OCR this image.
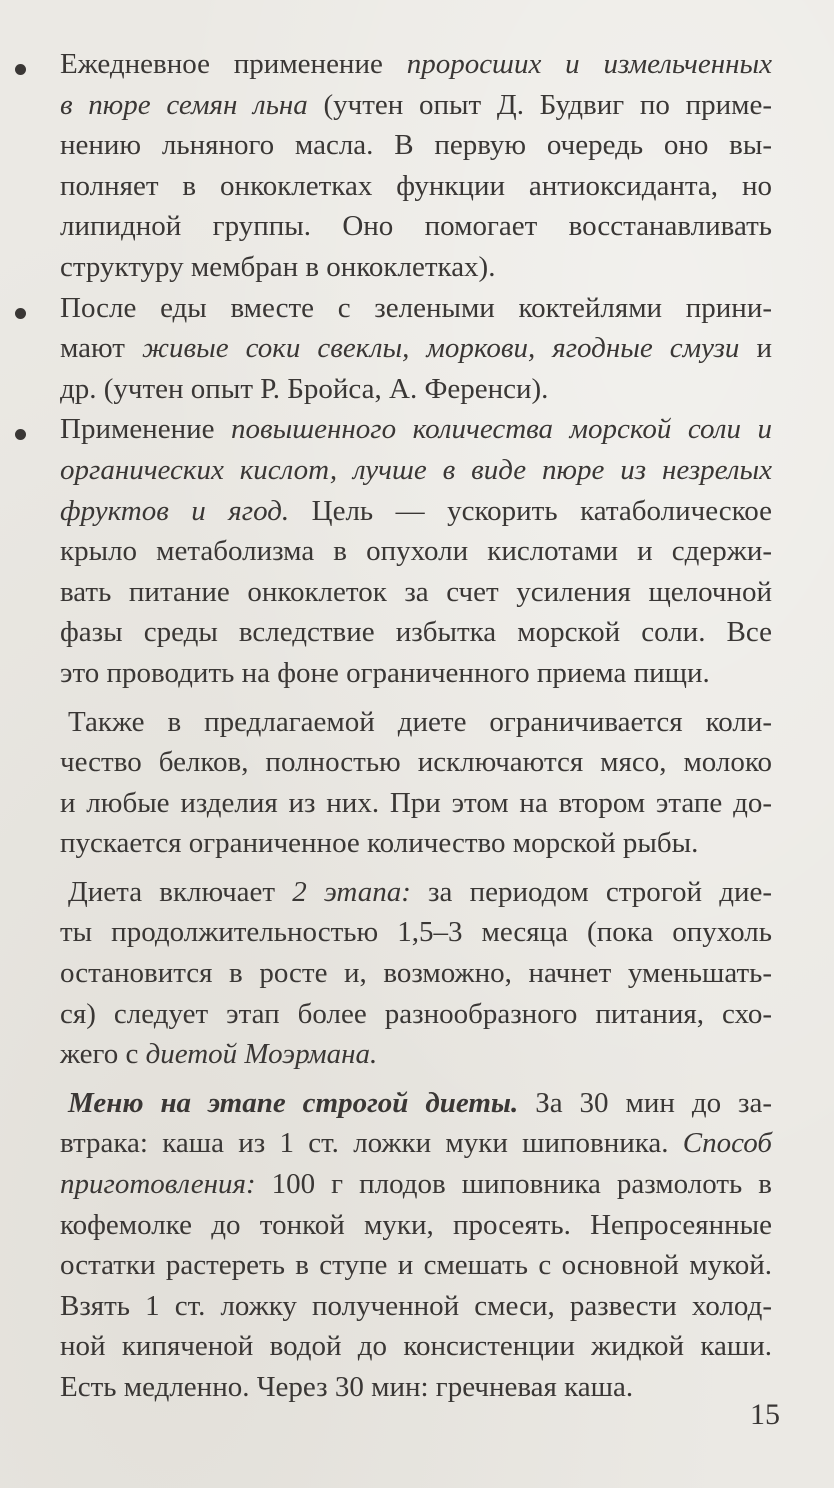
Ежедневное применение проросших и измельченных
в пюре семян льна (учтен опыт Д. Будвиг по приме-
нению льняного масла. В первую очередь оно вы-
полняет в онкоклетках функции антиоксиданта, но
липидной группы. Оно помогает восстанавливать
структуру мембран в онкоклетках).
После еды вместе с зелеными коктейлями прини-
мают живые соки свеклы, моркови, ягодные смузи и
др. (учтен опыт Р. Бройса, А. Ференси).
Применение повышенного количества морской соли и
органических кислот, лучше в виде пюре из незрелых
фруктов и ягод. Цель — ускорить катаболическое
крыло метаболизма в опухоли кислотами и сдержи-
вать питание онкоклеток за счет усиления щелочной
фазы среды вследствие избытка морской соли. Все
это проводить на фоне ограниченного приема пищи.
Также в предлагаемой диете ограничивается коли-
чество белков, полностью исключаются мясо, молоко
и любые изделия из них. При этом на втором этапе до-
пускается ограниченное количество морской рыбы.
Диета включает 2 этапа: за периодом строгой дие-
ты продолжительностью 1,5–3 месяца (пока опухоль
остановится в росте и, возможно, начнет уменьшать-
ся) следует этап более разнообразного питания, схо-
жего с диетой Моэрмана.
Меню на этапе строгой диеты. За 30 мин до за-
втрака: каша из 1 ст. ложки муки шиповника. Способ
приготовления: 100 г плодов шиповника размолоть в
кофемолке до тонкой муки, просеять. Непросеянные
остатки растереть в ступе и смешать с основной мукой.
Взять 1 ст. ложку полученной смеси, развести холод-
ной кипяченой водой до консистенции жидкой каши.
Есть медленно. Через 30 мин: гречневая каша.
15
